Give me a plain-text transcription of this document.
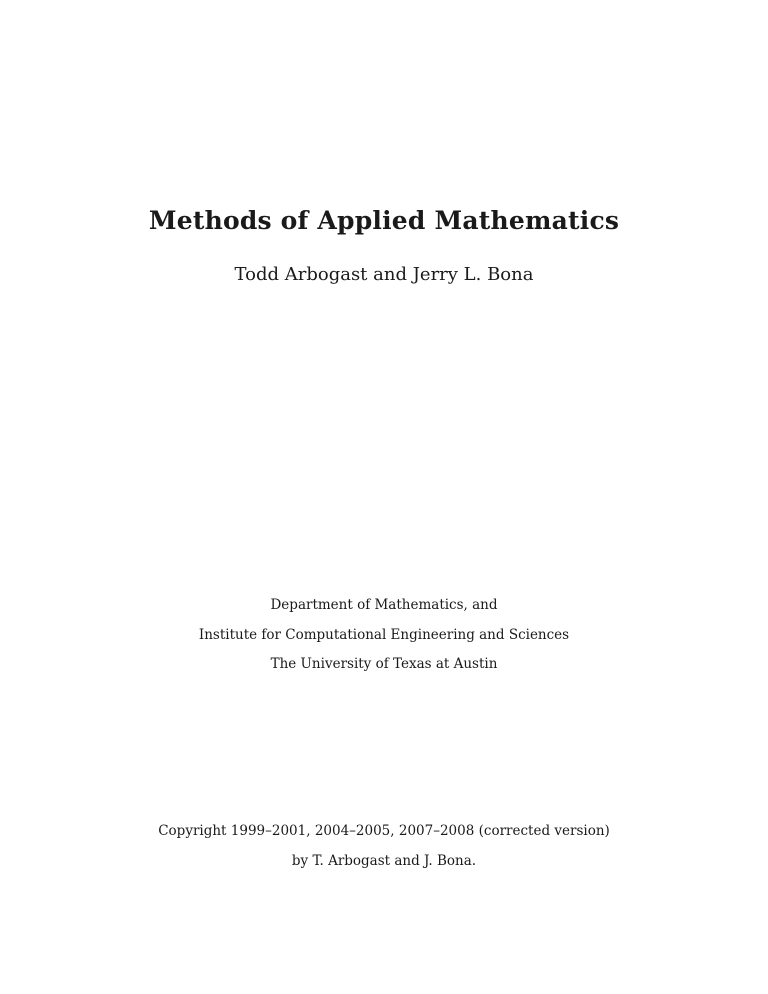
Methods of Applied Mathematics
Todd Arbogast and Jerry L. Bona
Department of Mathematics, and
Institute for Computational Engineering and Sciences
The University of Texas at Austin
Copyright 1999–2001, 2004–2005, 2007–2008 (corrected version)
by T. Arbogast and J. Bona.
